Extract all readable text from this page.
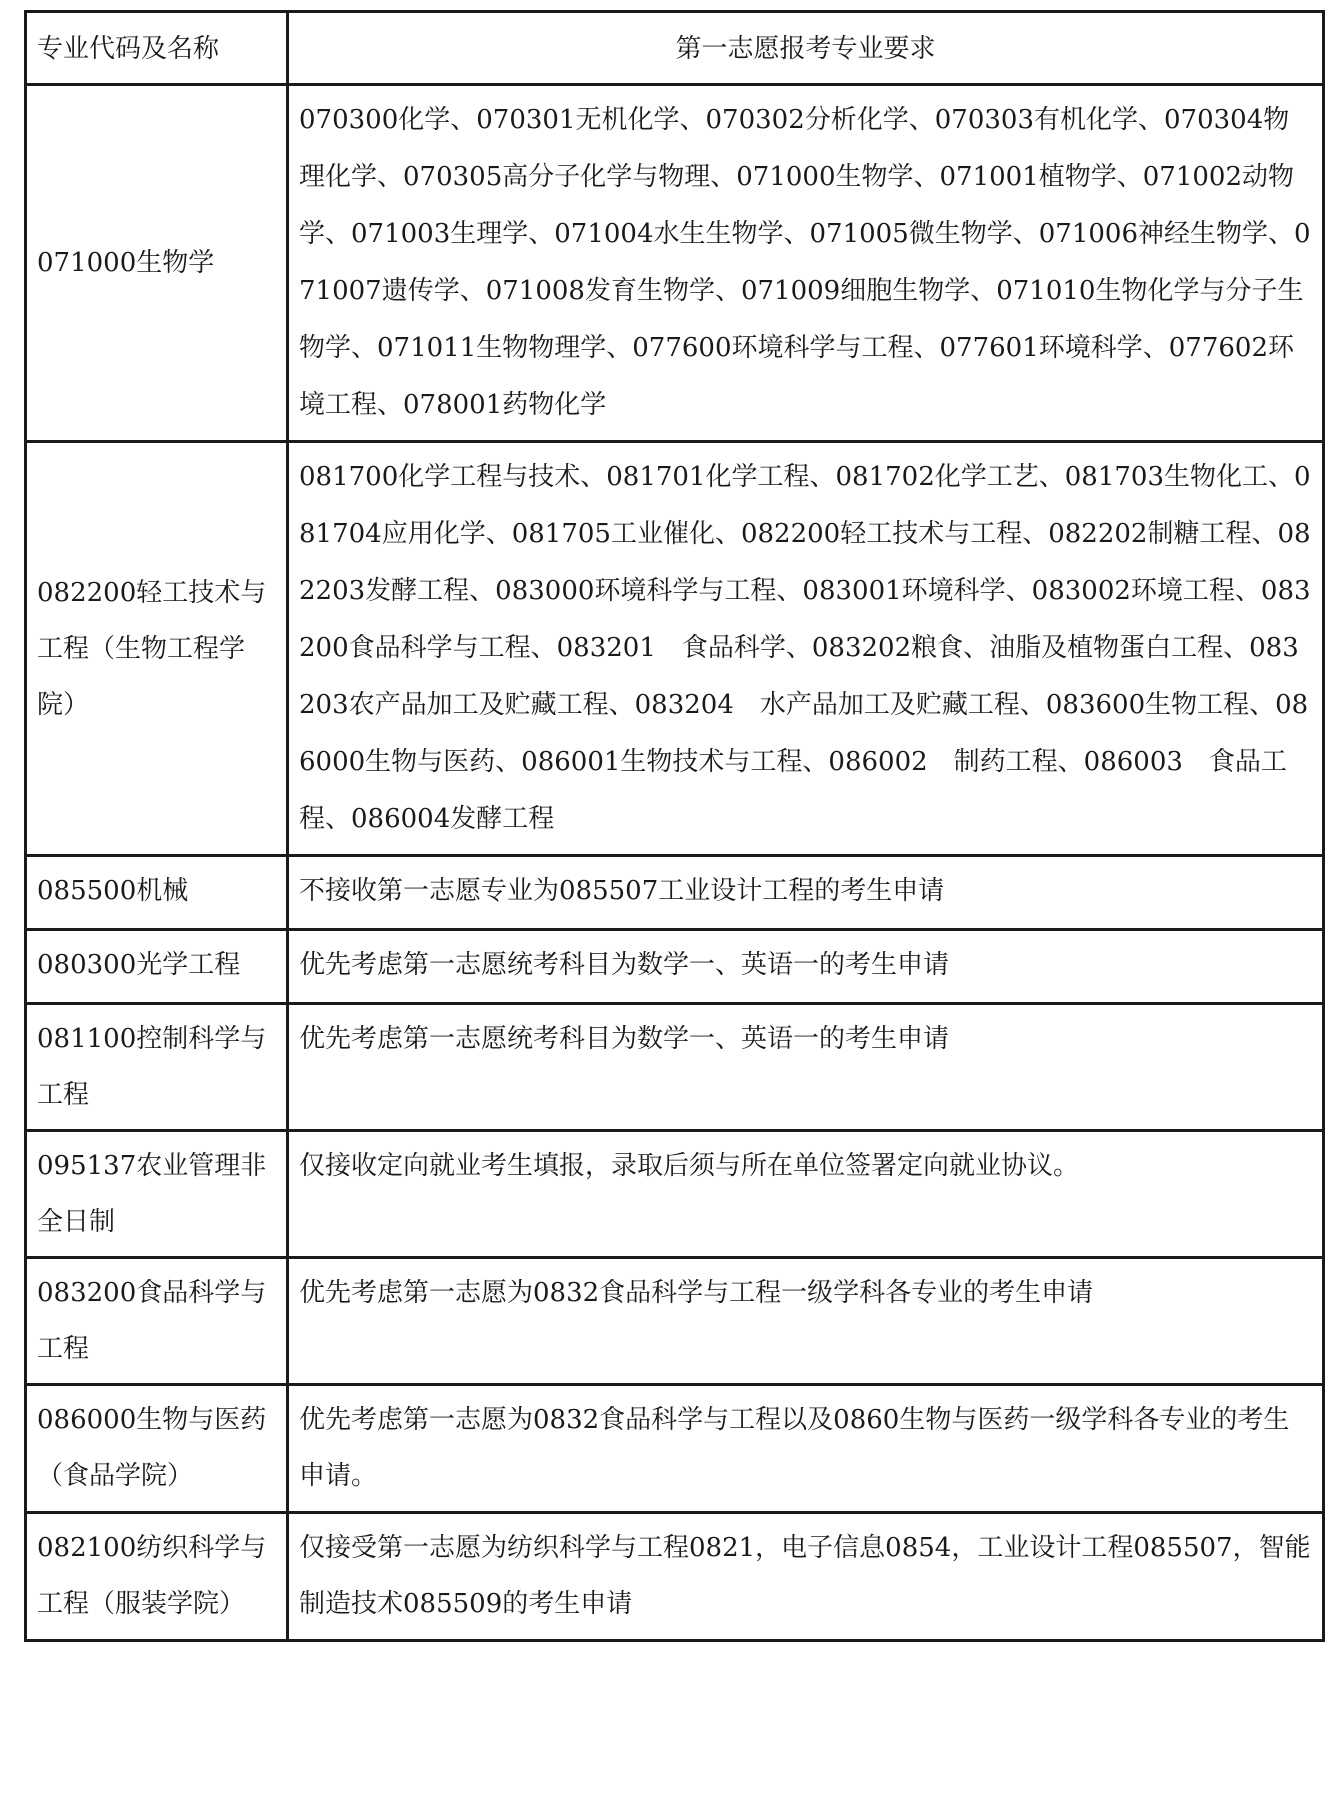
专业代码及名称	第一志愿报考专业要求
071000生物学	070300化学、070301无机化学、070302分析化学、070303有机化学、070304物理化学、070305高分子化学与物理、071000生物学、071001植物学、071002动物学、071003生理学、071004水生生物学、071005微生物学、071006神经生物学、071007遗传学、071008发育生物学、071009细胞生物学、071010生物化学与分子生物学、071011生物物理学、077600环境科学与工程、077601环境科学、077602环境工程、078001药物化学
082200轻工技术与工程（生物工程学院）	081700化学工程与技术、081701化学工程、081702化学工艺、081703生物化工、081704应用化学、081705工业催化、082200轻工技术与工程、082202制糖工程、082203发酵工程、083000环境科学与工程、083001环境科学、083002环境工程、083200食品科学与工程、083201　食品科学、083202粮食、油脂及植物蛋白工程、083203农产品加工及贮藏工程、083204　水产品加工及贮藏工程、083600生物工程、086000生物与医药、086001生物技术与工程、086002　制药工程、086003　食品工程、086004发酵工程
085500机械	不接收第一志愿专业为085507工业设计工程的考生申请
080300光学工程	优先考虑第一志愿统考科目为数学一、英语一的考生申请
081100控制科学与工程	优先考虑第一志愿统考科目为数学一、英语一的考生申请
095137农业管理非全日制	仅接收定向就业考生填报，录取后须与所在单位签署定向就业协议。
083200食品科学与工程	优先考虑第一志愿为0832食品科学与工程一级学科各专业的考生申请
086000生物与医药（食品学院）	优先考虑第一志愿为0832食品科学与工程以及0860生物与医药一级学科各专业的考生申请。
082100纺织科学与工程（服装学院）	仅接受第一志愿为纺织科学与工程0821，电子信息0854，工业设计工程085507，智能制造技术085509的考生申请
